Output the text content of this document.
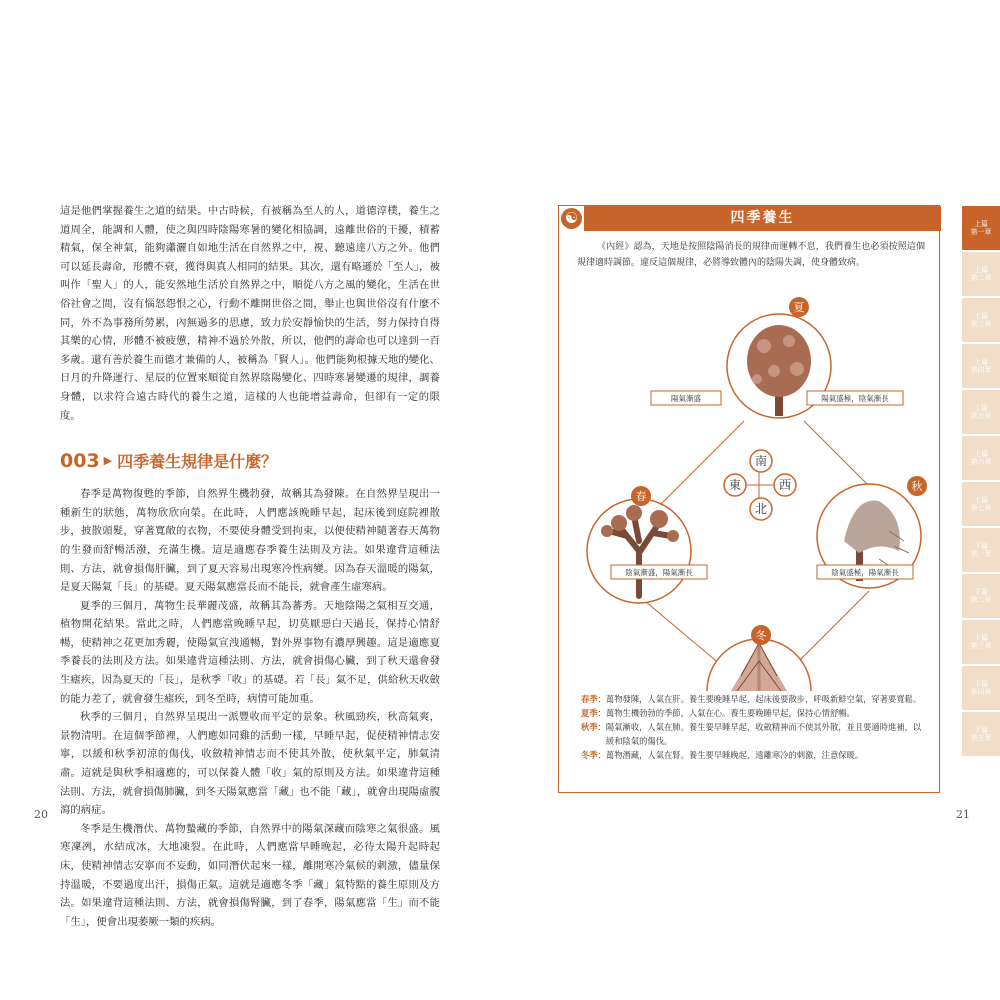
這是他們掌握養生之道的結果。中古時候，有被稱為至人的人，道德淳樸，養生之道周全，能調和人體，使之與四時陰陽寒暑的變化相協調，遠離世俗的干擾，積蓄精氣，保全神氣，能夠瀟灑自如地生活在自然界之中，視、聽遠達八方之外。他們可以延長壽命，形體不衰，獲得與真人相同的結果。其次，還有略遜於「至人」，被叫作「聖人」的人，能安然地生活於自然界之中，順從八方之風的變化，生活在世俗社會之間，沒有惱怒怨恨之心，行動不離開世俗之間，舉止也與世俗沒有什麼不同，外不為事務所勞累，內無過多的思慮，致力於安靜愉快的生活，努力保持自得其樂的心情，形體不被疲憊，精神不過於外散，所以，他們的壽命也可以達到一百多歲。還有善於養生而德才兼備的人，被稱為「賢人」。他們能夠根據天地的變化、日月的升降運行、星辰的位置來順從自然界陰陽變化、四時寒暑變遷的規律，調養身體，以求符合遠古時代的養生之道，這樣的人也能增益壽命，但卻有一定的限度。

003 ▶ 四季養生規律是什麼？

春季是萬物復甦的季節，自然界生機勃發，故稱其為發陳。在自然界呈現出一種新生的狀態，萬物欣欣向榮。在此時，人們應該晚睡早起，起床後到庭院裡散步，披散頭髮，穿著寬敞的衣物，不要使身體受到拘束，以便使精神隨著春天萬物的生發而舒暢活潑，充滿生機。這是適應春季養生法則及方法。如果違背這種法則、方法，就會損傷肝臟，到了夏天容易出現寒冷性病變。因為春天溫暖的陽氣，是夏天陽氣「長」的基礎。夏天陽氣應當長而不能長，就會產生虛寒病。

夏季的三個月，萬物生長華麗茂盛，故稱其為蕃秀。天地陰陽之氣相互交通，植物開花結果。當此之時，人們應當晚睡早起，切莫厭惡白天過長，保持心情舒暢，使精神之花更加秀麗，使陽氣宣洩通暢，對外界事物有濃厚興趣。這是適應夏季養長的法則及方法。如果違背這種法則、方法，就會損傷心臟，到了秋天還會發生瘧疾，因為夏天的「長」，是秋季「收」的基礎。若「長」氣不足，供給秋天收斂的能力差了，就會發生瘧疾，到冬至時，病情可能加重。

秋季的三個月，自然界呈現出一派豐收而平定的景象。秋風勁疾，秋高氣爽，景物清明。在這個季節裡，人們應如同雞的活動一樣，早睡早起，促使精神情志安寧，以緩和秋季初涼的傷伐，收斂精神情志而不使其外散，使秋氣平定，肺氣清肅。這就是與秋季相適應的，可以保養人體「收」氣的原則及方法。如果違背這種法則、方法，就會損傷肺臟，到冬天陽氣應當「藏」也不能「藏」，就會出現陽虛腹瀉的病症。

冬季是生機潛伏、萬物蟄藏的季節，自然界中的陽氣深藏而陰寒之氣很盛。風寒凜冽，水結成冰，大地凍裂。在此時，人們應當早睡晚起，必待太陽升起時起床，使精神情志安寧而不妄動，如同潛伏起來一樣，離開寒冷氣候的刺激，儘量保持溫暖，不要過度出汗，損傷正氣。這就是適應冬季「藏」氣特點的養生原則及方法。如果違背這種法則、方法，就會損傷腎臟，到了春季，陽氣應當「生」而不能「生」，便會出現萎厥一類的疾病。

20
☯	四季養生

《內經》認為，天地是按照陰陽消長的規律而運轉不息，我們養生也必須按照這個規律適時調節。違反這個規律，必將導致體內的陰陽失調，使身體致病。

夏
春
秋
冬
南
東	西
北
陽氣漸盛	陽氣盛極，陰氣漸長
陰氣漸盛，陽氣漸長	陰氣盛極，陽氣漸長
春季 ： 萬物發陳，人氣在肝。養生要晚睡早起，起床後要散步，呼吸新鮮空氣，穿著要寬鬆。
夏季 ： 萬物生機勃勃的季節，人氣在心。養生要晚睡早起，保持心情舒暢。
秋季 ： 陽氣漸收，人氣在肺。養生要早睡早起，收斂精神而不使其外散，並且要適時進補，以緩和陰氣的傷伐。
冬季 ： 萬物潛藏，人氣在腎。養生要早睡晚起，遠離寒冷的刺激，注意保暖。
21
上篇
第一章
上篇
第二章
上篇
第三章
上篇
第四章
上篇
第五章
上篇
第六章
上篇
第七章
下篇
第一章
下篇
第二章
下篇
第三章
下篇
第四章
下篇
第五章
